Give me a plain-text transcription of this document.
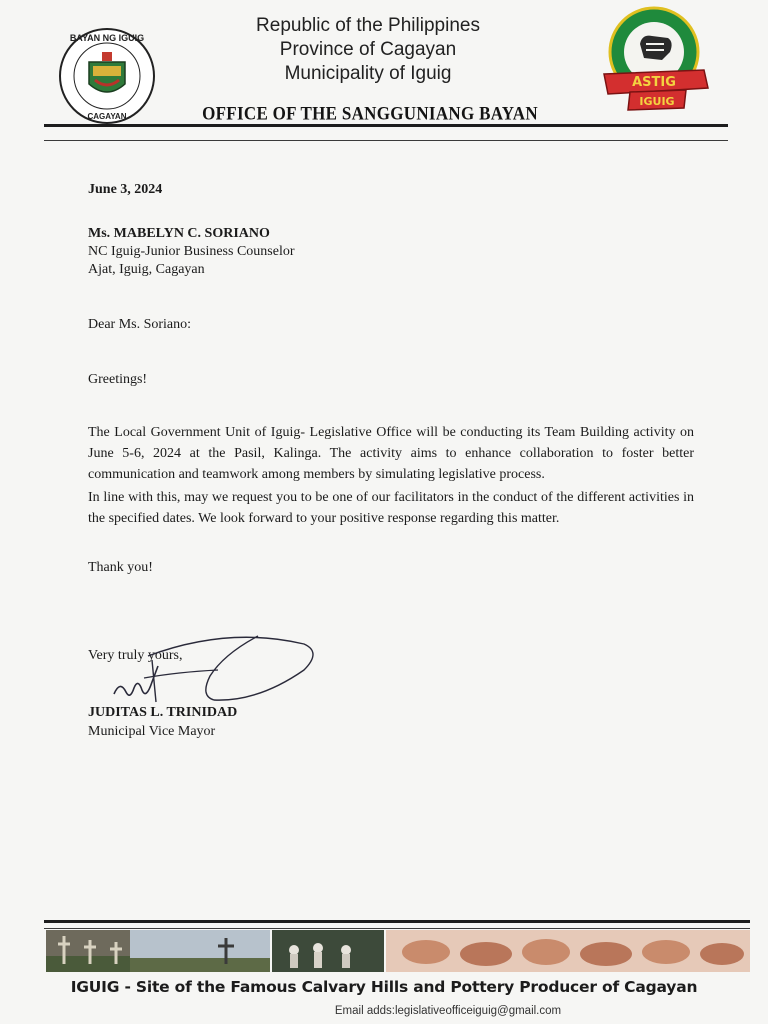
BAYAN NG IGUIG
CAGAYAN
Republic of the Philippines
Province of Cagayan
Municipality of Iguig	ASTIG
IGUIG
OFFICE OF THE SANGGUNIANG BAYAN
June 3, 2024
Ms. MABELYN C. SORIANO
NC Iguig-Junior Business Counselor
Ajat, Iguig, Cagayan
Dear Ms. Soriano:
Greetings!
The Local Government Unit of Iguig- Legislative Office will be conducting its Team Building activity on June 5-6, 2024 at the Pasil, Kalinga. The activity aims to enhance collaboration to foster better communication and teamwork among members by simulating legislative process.
In line with this, may we request you to be one of our facilitators in the conduct of the different activities in the specified dates. We look forward to your positive response regarding this matter.
Thank you!
Very truly yours,
JUDITAS L. TRINIDAD
Municipal Vice Mayor
IGUIG - Site of the Famous Calvary Hills and Pottery Producer of Cagayan
Email adds:legislativeofficeiguig@gmail.com
